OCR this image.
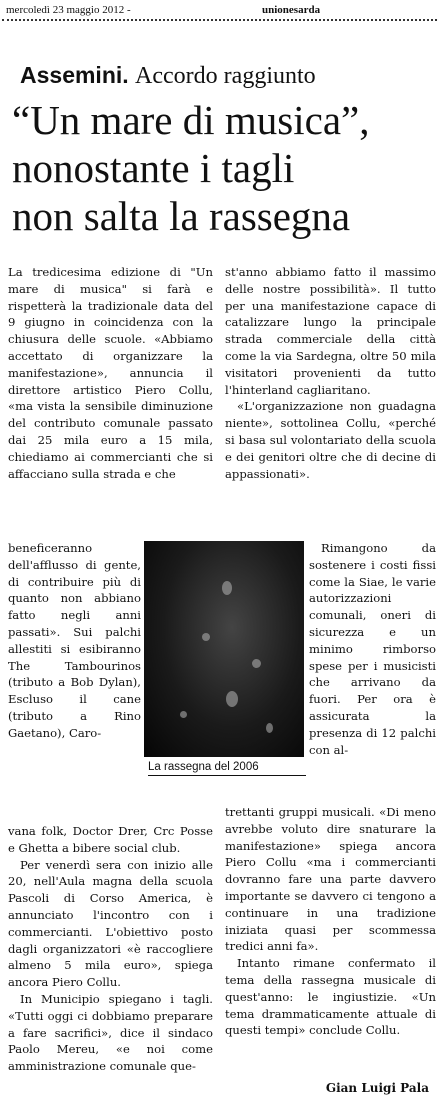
mercoledì 23 maggio 2012 -	unionesarda
Assemini. Accordo raggiunto
“Un mare di musica”,
nonostante i tagli
non salta la rassegna

La tredicesima edizione di "Un mare di musica" si farà e rispetterà la tradizionale data del 9 giugno in coincidenza con la chiusura delle scuole. «Abbiamo accettato di organizzare la manifestazione», annuncia il direttore artistico Piero Collu, «ma vista la sensibile diminuzione del contributo comunale passato dai 25 mila euro a 15 mila, chiediamo ai commercianti che si affacciano sulla strada e che

beneficeranno dell'afflusso di gente, di contribuire più di quanto non abbiano fatto negli anni passati». Sui palchi allestiti si esibiranno The Tambourinos (tributo a Bob Dylan), Escluso il cane (tributo a Rino Gaetano), Caro-

La rassegna del 2006

vana folk, Doctor Drer, Crc Posse e Ghetta a bibere social club.

Per venerdì sera con inizio alle 20, nell'Aula magna della scuola Pascoli di Corso America, è annunciato l'incontro con i commercianti. L'obiettivo posto dagli organizzatori «è raccogliere almeno 5 mila euro», spiega ancora Piero Collu.

In Municipio spiegano i tagli. «Tutti oggi ci dobbiamo preparare a fare sacrifici», dice il sindaco Paolo Mereu, «e noi come amministrazione comunale que-

st'anno abbiamo fatto il massimo delle nostre possibilità». Il tutto per una manifestazione capace di catalizzare lungo la principale strada commerciale della città come la via Sardegna, oltre 50 mila visitatori provenienti da tutto l'hinterland cagliaritano.

«L'organizzazione non guadagna niente», sottolinea Collu, «perché si basa sul volontariato della scuola e dei genitori oltre che di decine di appassionati».

Rimangono da sostenere i costi fissi come la Siae, le varie autorizzazioni comunali, oneri di sicurezza e un minimo rimborso spese per i musicisti che arrivano da fuori. Per ora è assicurata la presenza di 12 palchi con al-

trettanti gruppi musicali. «Di meno avrebbe voluto dire snaturare la manifestazione» spiega ancora Piero Collu «ma i commercianti dovranno fare una parte davvero importante se davvero ci tengono a continuare in una tradizione iniziata quasi per scommessa tredici anni fa».

Intanto rimane confermato il tema della rassegna musicale di quest'anno: le ingiustizie. «Un tema drammaticamente attuale di questi tempi» conclude Collu.

Gian Luigi Pala
